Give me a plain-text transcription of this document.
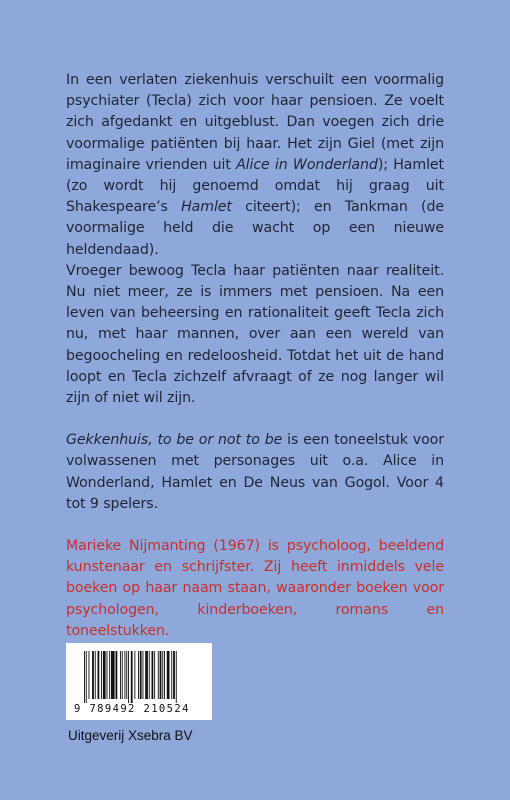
In een verlaten ziekenhuis verschuilt een voormalig psychiater (Tecla) zich voor haar pensioen. Ze voelt zich afgedankt en uitgeblust. Dan voegen zich drie voormalige patiënten bij haar. Het zijn Giel (met zijn imaginaire vrienden uit Alice in Wonderland); Hamlet (zo wordt hij genoemd omdat hij graag uit Shakespeare’s Hamlet citeert); en Tankman (de voormalige held die wacht op een nieuwe heldendaad).

Vroeger bewoog Tecla haar patiënten naar realiteit. Nu niet meer, ze is immers met pensioen. Na een leven van beheersing en rationaliteit geeft Tecla zich nu, met haar mannen, over aan een wereld van begoocheling en redeloosheid. Totdat het uit de hand loopt en Tecla zichzelf afvraagt of ze nog langer wil zijn of niet wil zijn.

Gekkenhuis, to be or not to be is een toneelstuk voor volwassenen met personages uit o.a. Alice in Wonderland, Hamlet en De Neus van Gogol. Voor 4 tot 9 spelers.

Marieke Nijmanting (1967) is psycholoog, beeldend kunstenaar en schrijfster. Zij heeft inmiddels vele boeken op haar naam staan, waaronder boeken voor psychologen, kinderboeken, romans en toneelstukken.

9 789492 210524
Uitgeverij Xsebra BV
